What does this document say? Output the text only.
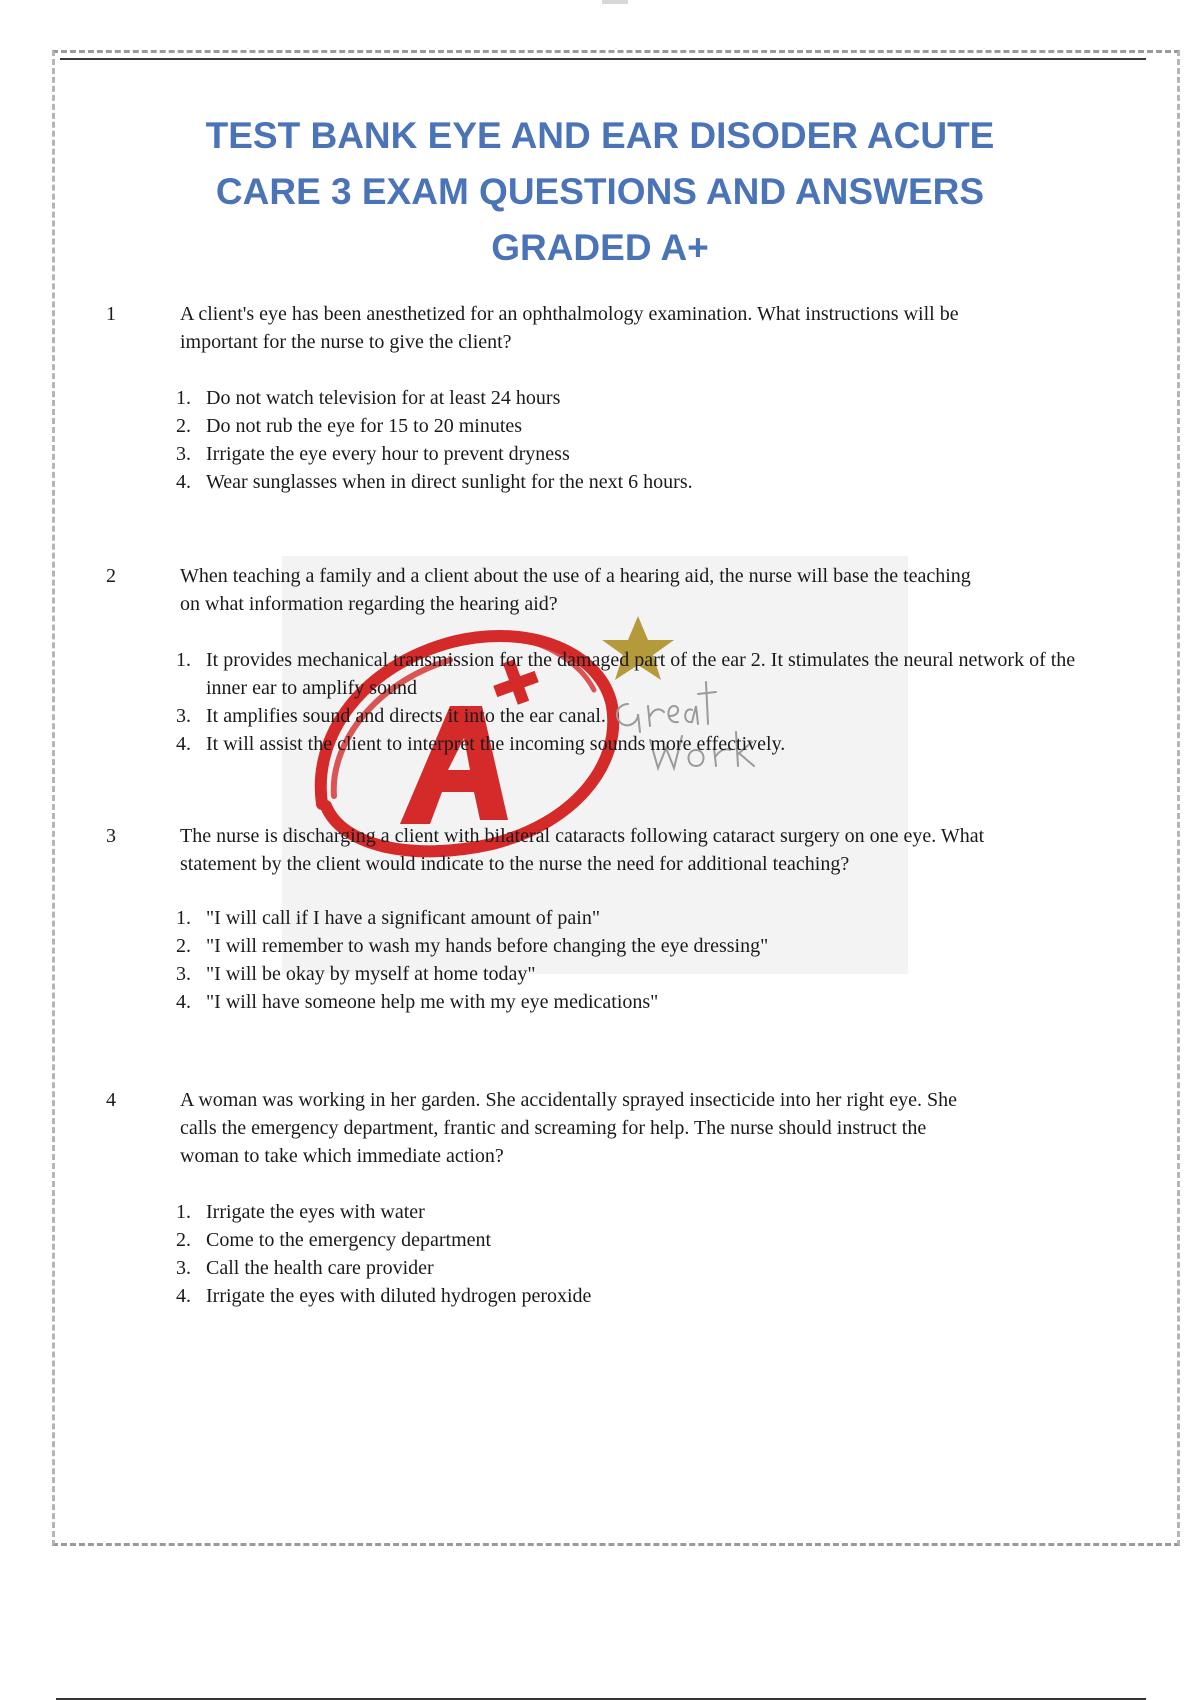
TEST BANK EYE AND EAR DISODER ACUTE
CARE 3 EXAM QUESTIONS AND ANSWERS
GRADED A+
1	A client's eye has been anesthetized for an ophthalmology examination. What instructions will be
important for the nurse to give the client?

1. Do not watch television for at least 24 hours
2. Do not rub the eye for 15 to 20 minutes
3. Irrigate the eye every hour to prevent dryness
4. Wear sunglasses when in direct sunlight for the next 6 hours.
2	When teaching a family and a client about the use of a hearing aid, the nurse will base the teaching
on what information regarding the hearing aid?

1. It provides mechanical transmission for the damaged part of the ear 2. It stimulates the neural network of the inner ear to amplify sound
3. It amplifies sound and directs it into the ear canal.
4. It will assist the client to interpret the incoming sounds more effectively.
3	The nurse is discharging a client with bilateral cataracts following cataract surgery on one eye. What
statement by the client would indicate to the nurse the need for additional teaching?

1. "I will call if I have a significant amount of pain"
2. "I will remember to wash my hands before changing the eye dressing"
3. "I will be okay by myself at home today"
4. "I will have someone help me with my eye medications"
4	A woman was working in her garden. She accidentally sprayed insecticide into her right eye. She
calls the emergency department, frantic and screaming for help. The nurse should instruct the
woman to take which immediate action?

1. Irrigate the eyes with water
2. Come to the emergency department
3. Call the health care provider
4. Irrigate the eyes with diluted hydrogen peroxide
